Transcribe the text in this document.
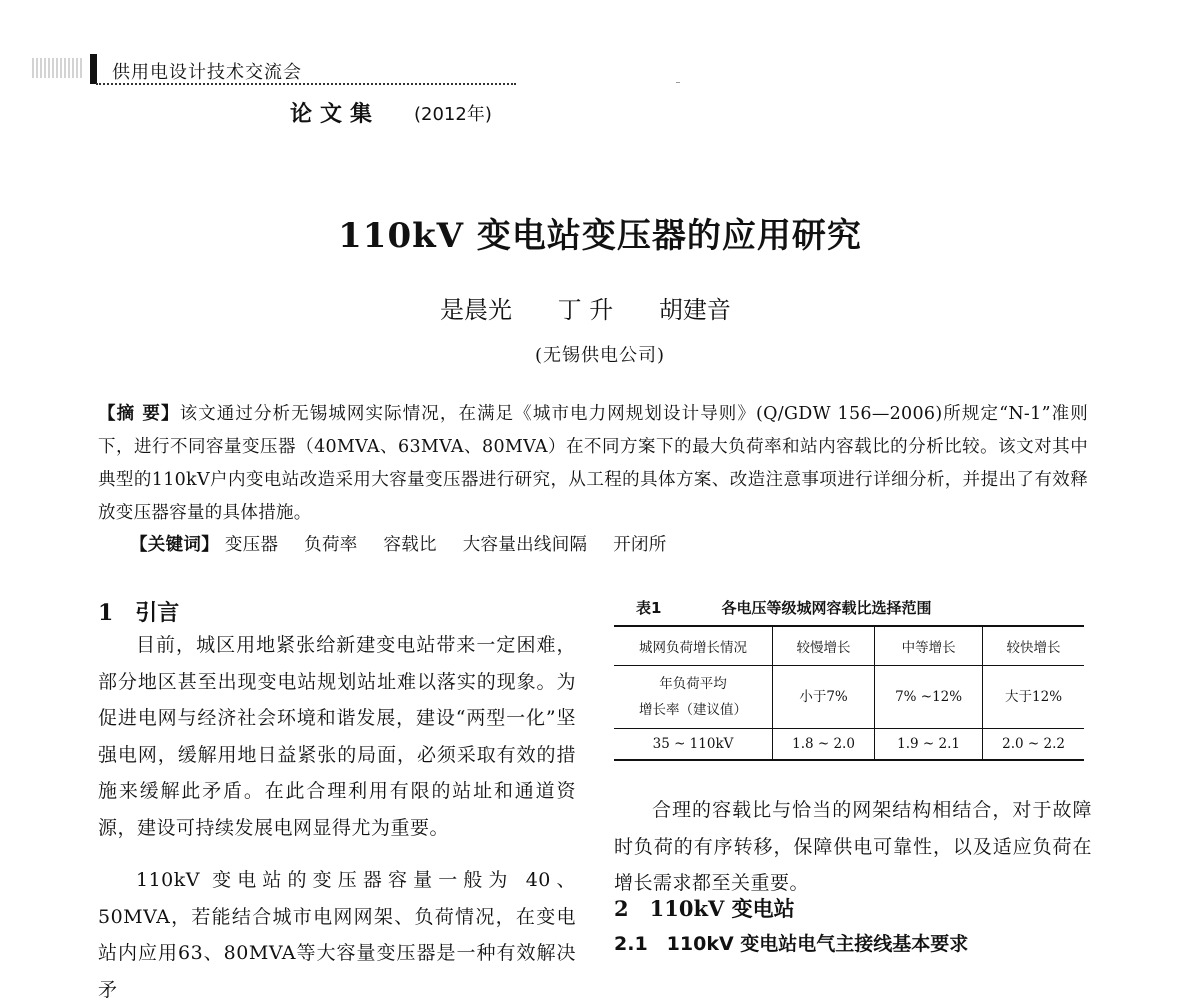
供用电设计技术交流会
论文集 (2012年)
110kV 变电站变压器的应用研究
是晨光 丁 升 胡建音
(无锡供电公司)
【摘 要】该文通过分析无锡城网实际情况，在满足《城市电力网规划设计导则》(Q/GDW 156—2006)所规定“N-1”准则下，进行不同容量变压器（40MVA、63MVA、80MVA）在不同方案下的最大负荷率和站内容载比的分析比较。该文对其中典型的110kV户内变电站改造采用大容量变压器进行研究，从工程的具体方案、改造注意事项进行详细分析，并提出了有效释放变压器容量的具体措施。
【关键词】 变压器 负荷率 容载比 大容量出线间隔 开闭所
1　引言
目前，城区用地紧张给新建变电站带来一定困难，部分地区甚至出现变电站规划站址难以落实的现象。为促进电网与经济社会环境和谐发展，建设“两型一化”坚强电网，缓解用地日益紧张的局面，必须采取有效的措施来缓解此矛盾。在此合理利用有限的站址和通道资源，建设可持续发展电网显得尤为重要。
110kV 变电站的变压器容量一般为 40、50MVA，若能结合城市电网网架、负荷情况，在变电站内应用63、80MVA等大容量变压器是一种有效解决矛
表1	各电压等级城网容载比选择范围
城网负荷增长情况	较慢增长	中等增长	较快增长

年负荷平均
增长率（建议值）	小于7%	7% ~12%	大于12%
35 ~ 110kV	1.8 ~ 2.0	1.9 ~ 2.1	2.0 ~ 2.2
合理的容载比与恰当的网架结构相结合，对于故障时负荷的有序转移，保障供电可靠性，以及适应负荷在增长需求都至关重要。
2　110kV 变电站
2.1　110kV 变电站电气主接线基本要求
